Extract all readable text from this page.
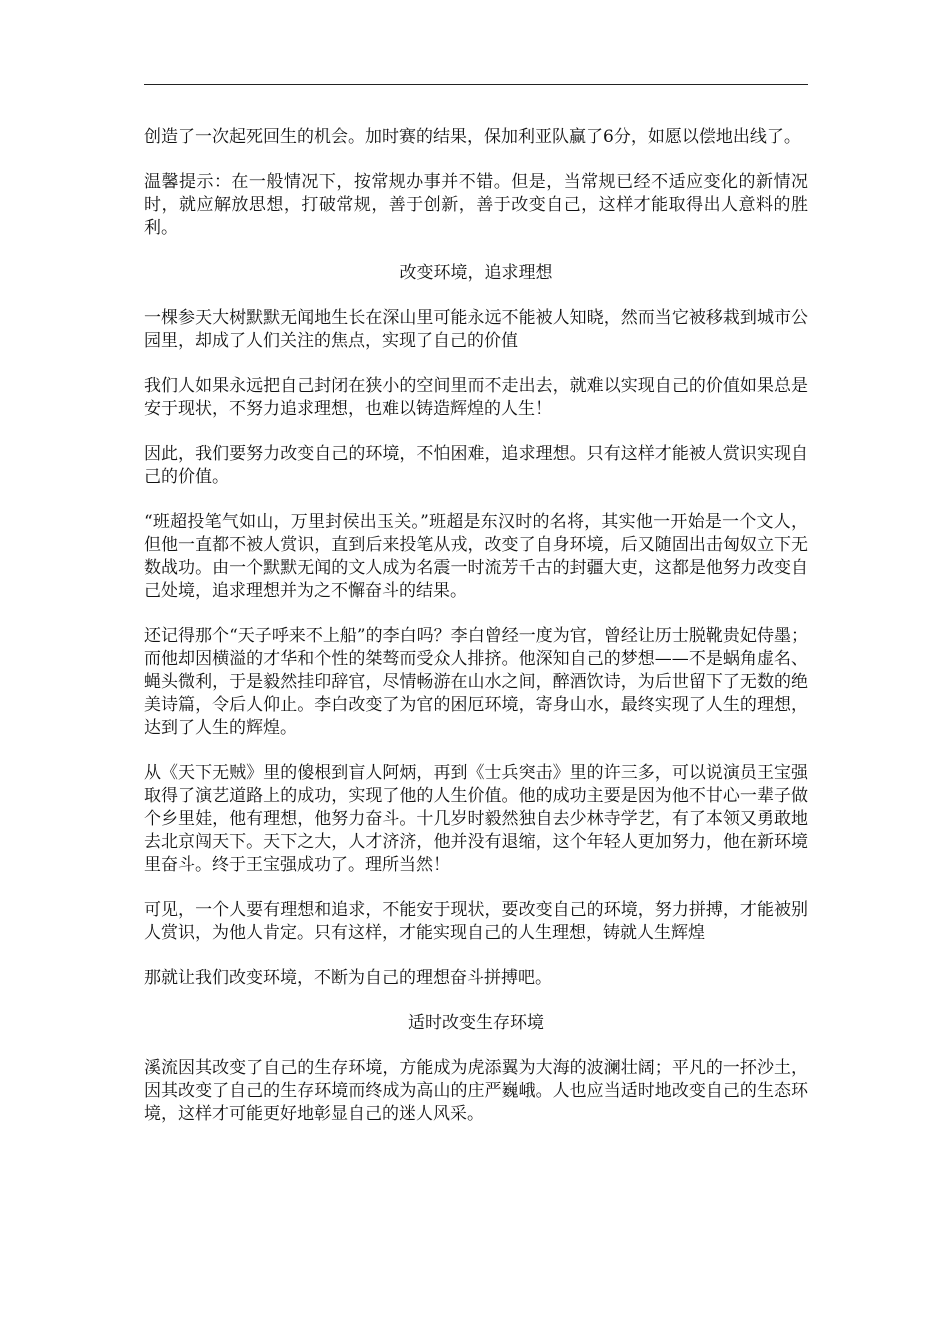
创造了一次起死回生的机会。加时赛的结果，保加利亚队赢了6分，如愿以偿地出线了。

温馨提示：在一般情况下，按常规办事并不错。但是，当常规已经不适应变化的新情况时，就应解放思想，打破常规，善于创新，善于改变自己，这样才能取得出人意料的胜利。

改变环境，追求理想

一棵参天大树默默无闻地生长在深山里可能永远不能被人知晓，然而当它被移栽到城市公园里，却成了人们关注的焦点，实现了自己的价值

我们人如果永远把自己封闭在狭小的空间里而不走出去，就难以实现自己的价值如果总是安于现状，不努力追求理想，也难以铸造辉煌的人生！

因此，我们要努力改变自己的环境，不怕困难，追求理想。只有这样才能被人赏识实现自己的价值。

“班超投笔气如山，万里封侯出玉关。”班超是东汉时的名将，其实他一开始是一个文人，但他一直都不被人赏识，直到后来投笔从戎，改变了自身环境，后又随固出击匈奴立下无数战功。由一个默默无闻的文人成为名震一时流芳千古的封疆大吏，这都是他努力改变自己处境，追求理想并为之不懈奋斗的结果。

还记得那个“天子呼来不上船”的李白吗？李白曾经一度为官，曾经让历士脱靴贵妃侍墨；而他却因横溢的才华和个性的桀骜而受众人排挤。他深知自己的梦想——不是蜗角虚名、蝇头微利，于是毅然挂印辞官，尽情畅游在山水之间，醉酒饮诗，为后世留下了无数的绝美诗篇，令后人仰止。李白改变了为官的困厄环境，寄身山水，最终实现了人生的理想，达到了人生的辉煌。

从《天下无贼》里的傻根到盲人阿炳，再到《士兵突击》里的许三多，可以说演员王宝强取得了演艺道路上的成功，实现了他的人生价值。他的成功主要是因为他不甘心一辈子做个乡里娃，他有理想，他努力奋斗。十几岁时毅然独自去少林寺学艺，有了本领又勇敢地去北京闯天下。天下之大，人才济济，他并没有退缩，这个年轻人更加努力，他在新环境里奋斗。终于王宝强成功了。理所当然！

可见，一个人要有理想和追求，不能安于现状，要改变自己的环境，努力拼搏，才能被别人赏识，为他人肯定。只有这样，才能实现自己的人生理想，铸就人生辉煌

那就让我们改变环境，不断为自己的理想奋斗拼搏吧。

适时改变生存环境

溪流因其改变了自己的生存环境，方能成为虎添翼为大海的波澜壮阔；平凡的一抔沙土，因其改变了自己的生存环境而终成为高山的庄严巍峨。人也应当适时地改变自己的生态环境，这样才可能更好地彰显自己的迷人风采。
